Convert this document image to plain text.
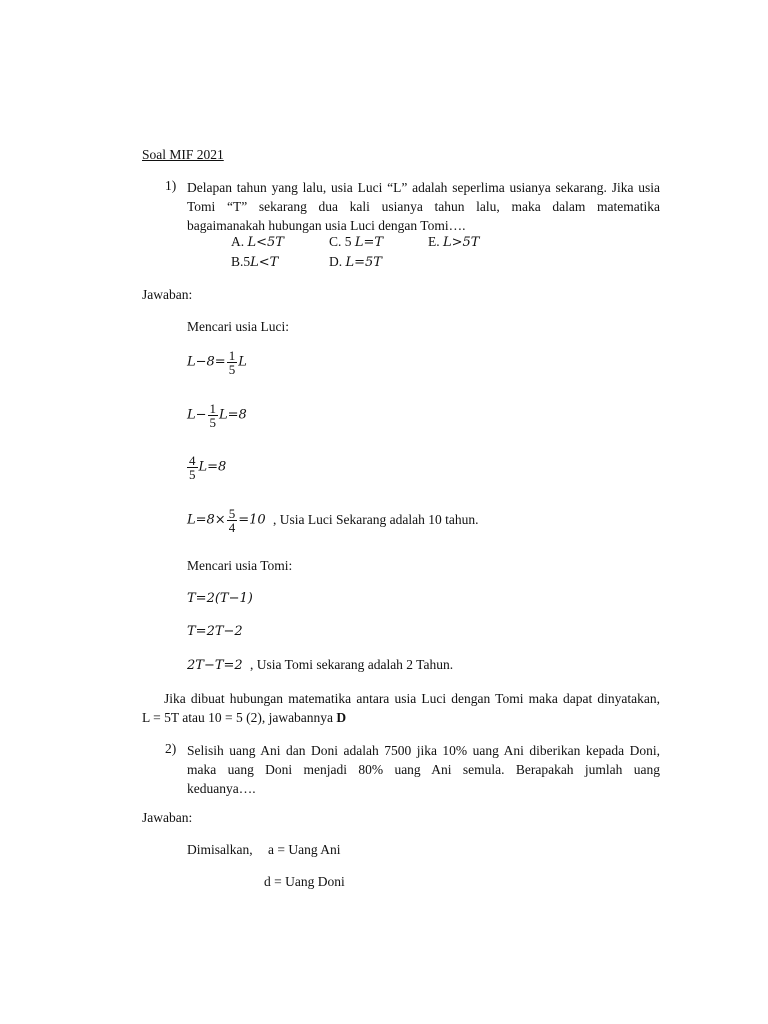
Soal MIF 2021
1) Delapan tahun yang lalu, usia Luci “L” adalah seperlima usianya sekarang. Jika usia
Tomi “T” sekarang dua kali usianya tahun lalu, maka dalam matematika
bagaimanakah hubungan usia Luci dengan Tomi….
A. L<5T	C. 5 L=T	E. L>5T
B.5L<T	D. L=5T
Jawaban:
Mencari usia Luci:
$L-8= \frac{1}{5}$ L
$L- \frac{1}{5} L=8$
$\frac{4}{5} L=8$
$L=8\times \frac{5}{4} =10$ , Usia Luci Sekarang adalah 10 tahun.
Mencari usia Tomi:
T=2(T−1)
T=2T−2
2T−T=2 , Usia Tomi sekarang adalah 2 Tahun.
Jika dibuat hubungan matematika antara usia Luci dengan Tomi maka dapat dinyatakan,
L = 5T atau 10 = 5 (2), jawabannya D
2) Selisih uang Ani dan Doni adalah 7500 jika 10% uang Ani diberikan kepada Doni,
maka uang Doni menjadi 80% uang Ani semula. Berapakah jumlah uang
keduanya….
Jawaban:
Dimisalkan, a = Uang Ani
d = Uang Doni
